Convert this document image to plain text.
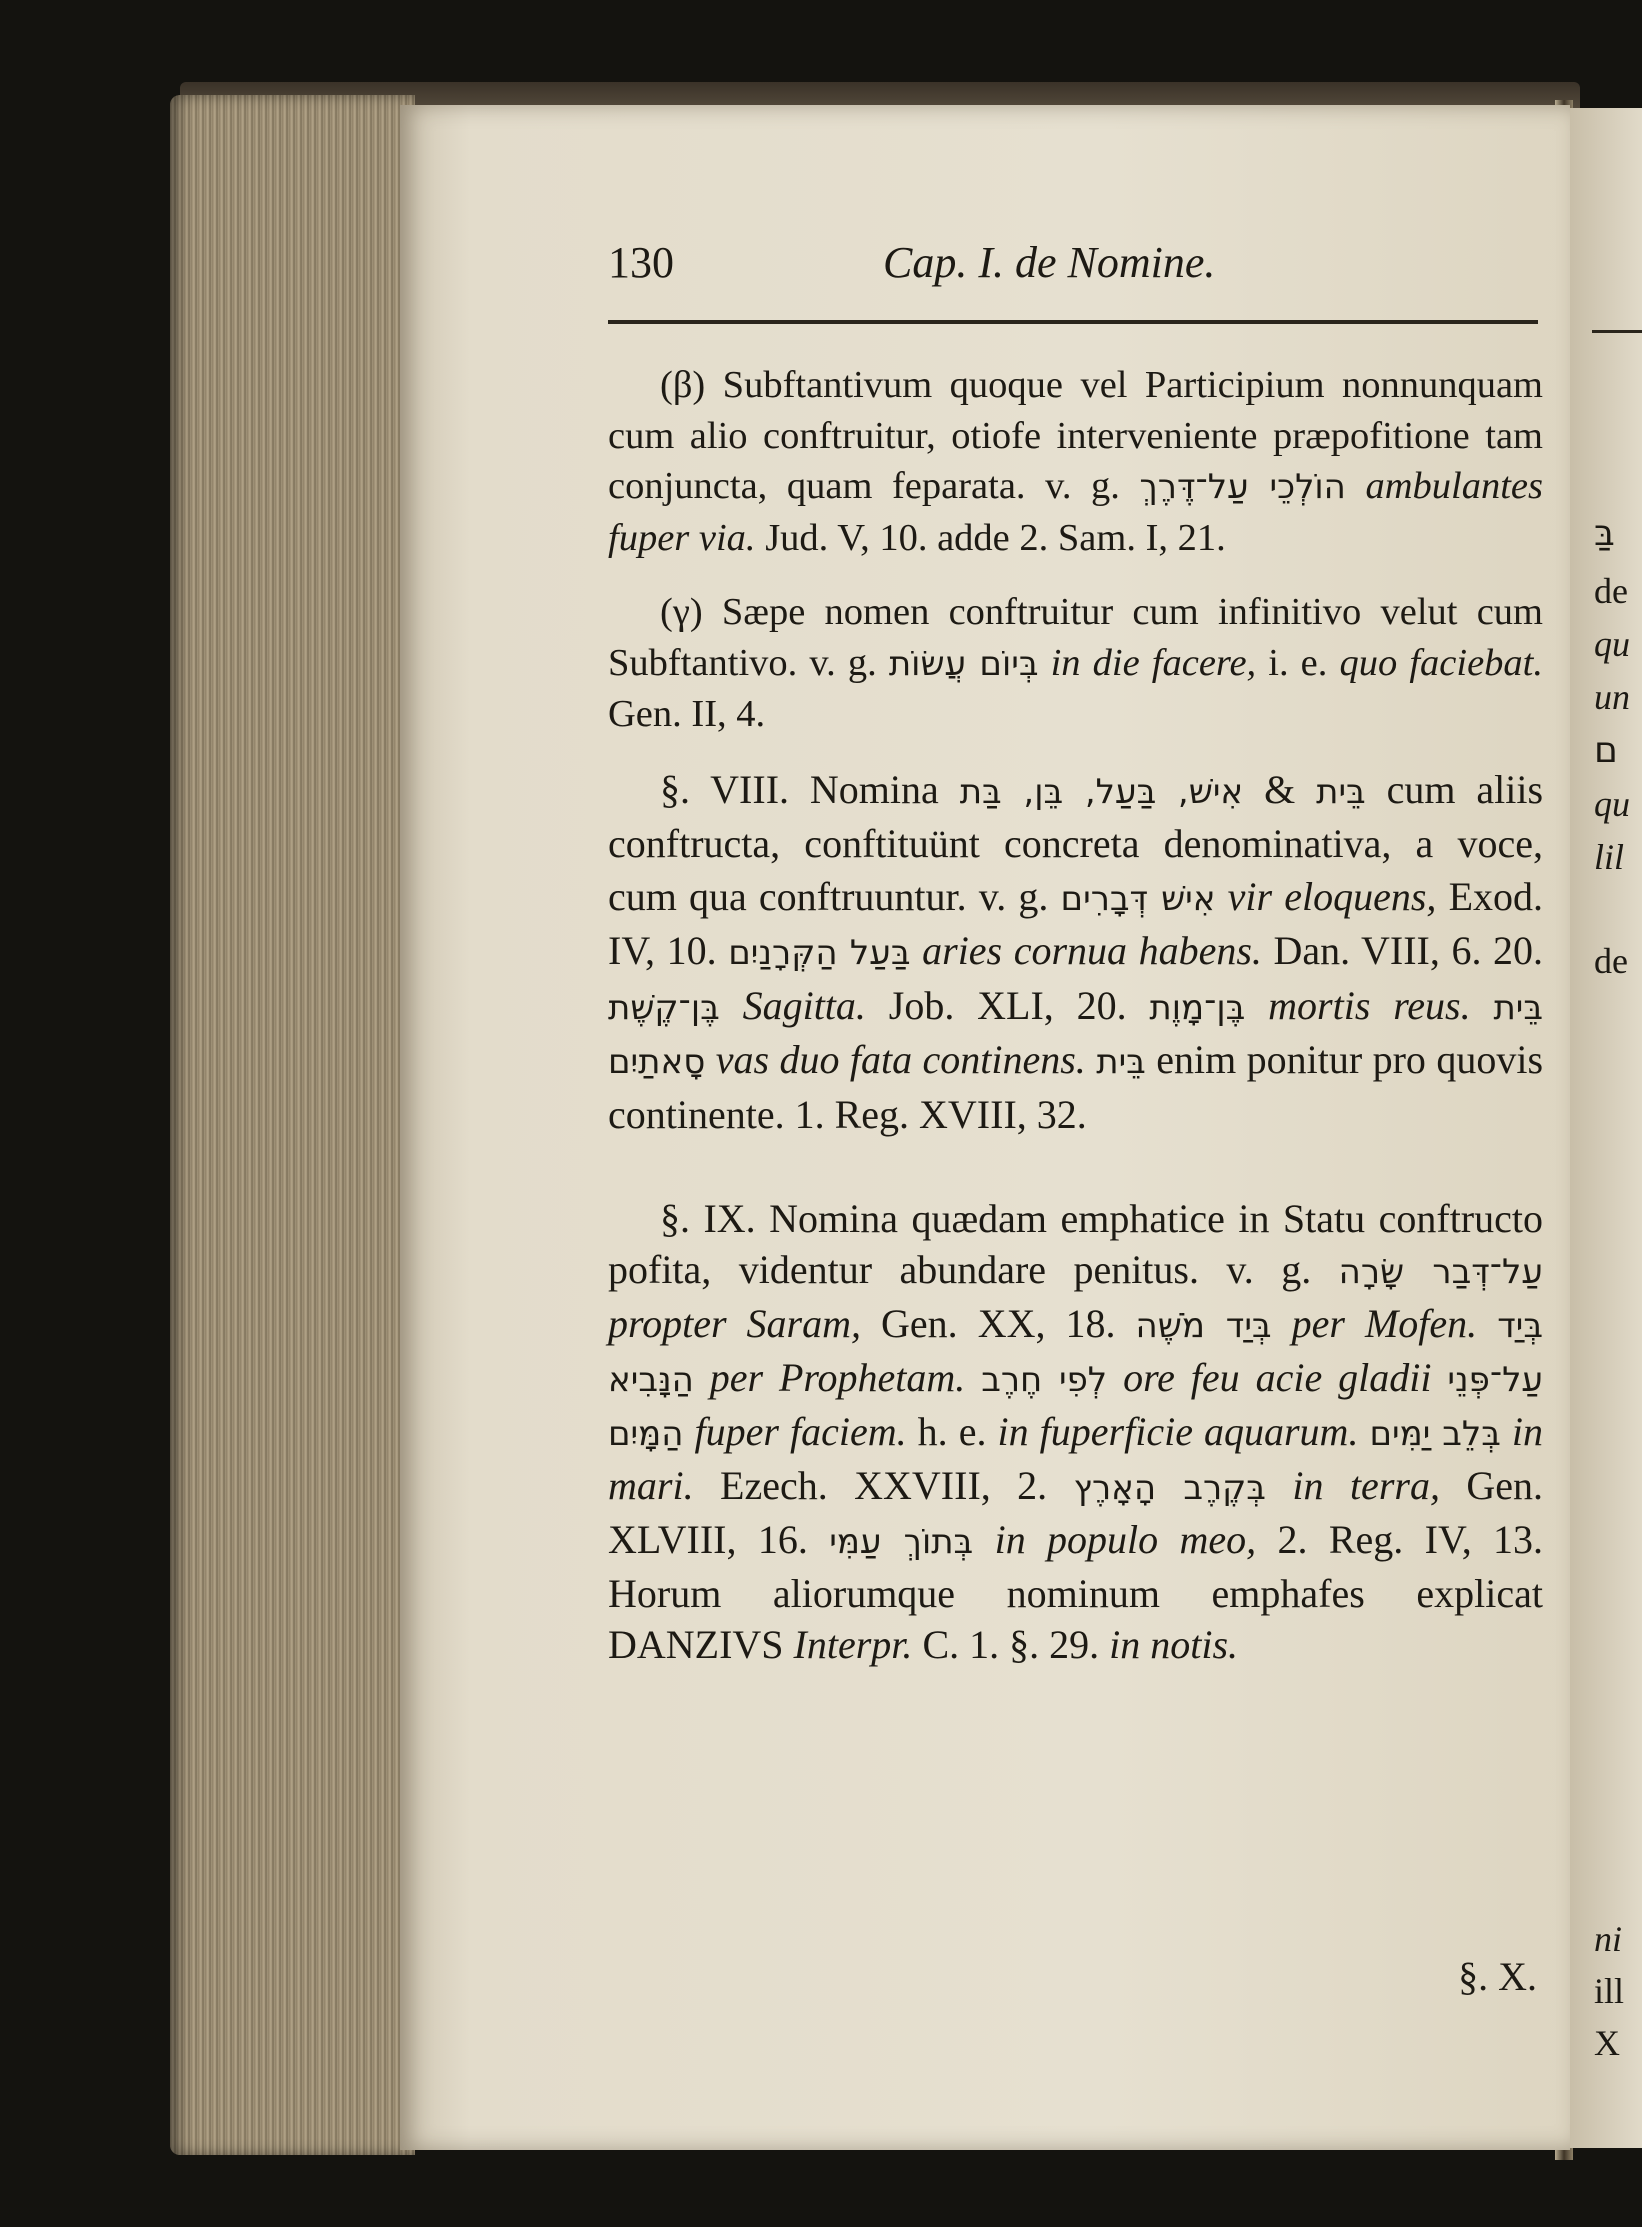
בַּ
de
qu
un
ם
qu
lil
de
ni
ill
X
130	Cap. I. de Nomine.

(β) Subftantivum quoque vel Participium nonnunquam cum alio conftruitur, otiofe interveniente præpofitione tam conjuncta, quam feparata. v. g. הוֹלְכֵי עַל־דֶּרֶךְ ambulantes fuper via. Jud. V, 10. adde 2. Sam. I, 21.

(γ) Sæpe nomen conftruitur cum infinitivo velut cum Subftantivo. v. g. בְּיוֹם עֲשׂוֹת in die facere, i. e. quo faciebat. Gen. II, 4.

§. VIII. Nomina אִישׁ, בַּעַל, בֵּן, בַּת & בֵּית cum aliis conftructa, conftituünt concreta denominativa, a voce, cum qua conftruuntur. v. g. אִישׁ דְּבָרִים vir eloquens, Exod. IV, 10. בַּעַל הַקְּרָנַיִם aries cornua habens. Dan. VIII, 6. 20. בֶּן־קֶשֶׁת Sagitta. Job. XLI, 20. בֶּן־מָוֶת mortis reus. בֵּית סָאתַיִם vas duo fata continens. בֵּית enim ponitur pro quovis continente. 1. Reg. XVIII, 32.

§. IX. Nomina quædam emphatice in Statu conftructo pofita, videntur abundare penitus. v. g. עַל־דְּבַר שָׂרָה propter Saram, Gen. XX, 18. בְּיַד מֹשֶׁה per Mofen. בְּיַד הַנָּבִיא per Prophetam. לְפִי חֶרֶב ore feu acie gladii עַל־פְּנֵי הַמָּיִם fuper faciem. h. e. in fuperficie aquarum. בְּלֵב יַמִּים in mari. Ezech. XXVIII, 2. בְּקֶרֶב הָאָרֶץ in terra, Gen. XLVIII, 16. בְּתוֹךְ עַמִּי in populo meo, 2. Reg. IV, 13. Horum aliorumque nominum emphafes explicat DANZIVS Interpr. C. 1. §. 29. in notis.

§. X.
